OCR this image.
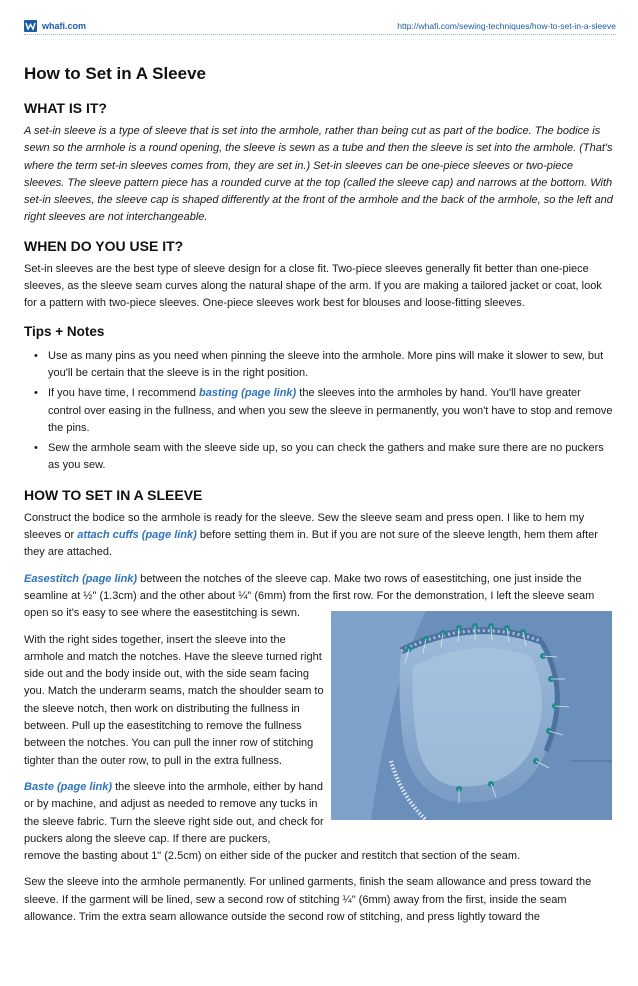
whafi.com	http://whafi.com/sewing-techniques/how-to-set-in-a-sleeve
How to Set in A Sleeve
WHAT IS IT?

A set-in sleeve is a type of sleeve that is set into the armhole, rather than being cut as part of the bodice. The bodice is sewn so the armhole is a round opening, the sleeve is sewn as a tube and then the sleeve is set into the armhole. (That's where the term set-in sleeves comes from, they are set in.) Set-in sleeves can be one-piece sleeves or two-piece sleeves. The sleeve pattern piece has a rounded curve at the top (called the sleeve cap) and narrows at the bottom. With set-in sleeves, the sleeve cap is shaped differently at the front of the armhole and the back of the armhole, so the left and right sleeves are not interchangeable.

WHEN DO YOU USE IT?

Set-in sleeves are the best type of sleeve design for a close fit. Two-piece sleeves generally fit better than one-piece sleeves, as the sleeve seam curves along the natural shape of the arm. If you are making a tailored jacket or coat, look for a pattern with two-piece sleeves. One-piece sleeves work best for blouses and loose-fitting sleeves.

Tips + Notes
• Use as many pins as you need when pinning the sleeve into the armhole. More pins will make it slower to sew, but you'll be certain that the sleeve is in the right position.
• If you have time, I recommend basting (page link) the sleeves into the armholes by hand. You'll have greater control over easing in the fullness, and when you sew the sleeve in permanently, you won't have to stop and remove the pins.
• Sew the armhole seam with the sleeve side up, so you can check the gathers and make sure there are no puckers as you sew.
HOW TO SET IN A SLEEVE

Construct the bodice so the armhole is ready for the sleeve. Sew the sleeve seam and press open. I like to hem my sleeves or attach cuffs (page link) before setting them in. But if you are not sure of the sleeve length, hem them after they are attached.

Easestitch (page link) between the notches of the sleeve cap. Make two rows of easestitching, one just inside the seamline at ½" (1.3cm) and the other about ¼" (6mm) from the first row. For the demonstration, I left the sleeve seam open so it's easy to see where the easestitching is sewn.

With the right sides together, insert the sleeve into the armhole and match the notches. Have the sleeve turned right side out and the body inside out, with the side seam facing you. Match the underarm seams, match the shoulder seam to the sleeve notch, then work on distributing the fullness in between. Pull up the easestitching to remove the fullness between the notches. You can pull the inner row of stitching tighter than the outer row, to pull in the extra fullness.

Baste (page link) the sleeve into the armhole, either by hand or by machine, and adjust as needed to remove any tucks in the sleeve fabric. Turn the sleeve right side out, and check for puckers along the sleeve cap. If there are puckers,

remove the basting about 1" (2.5cm) on either side of the pucker and restitch that section of the seam.

Sew the sleeve into the armhole permanently. For unlined garments, finish the seam allowance and press toward the sleeve. If the garment will be lined, sew a second row of stitching ¼" (6mm) away from the first, inside the seam allowance. Trim the extra seam allowance outside the second row of stitching, and press lightly toward the
